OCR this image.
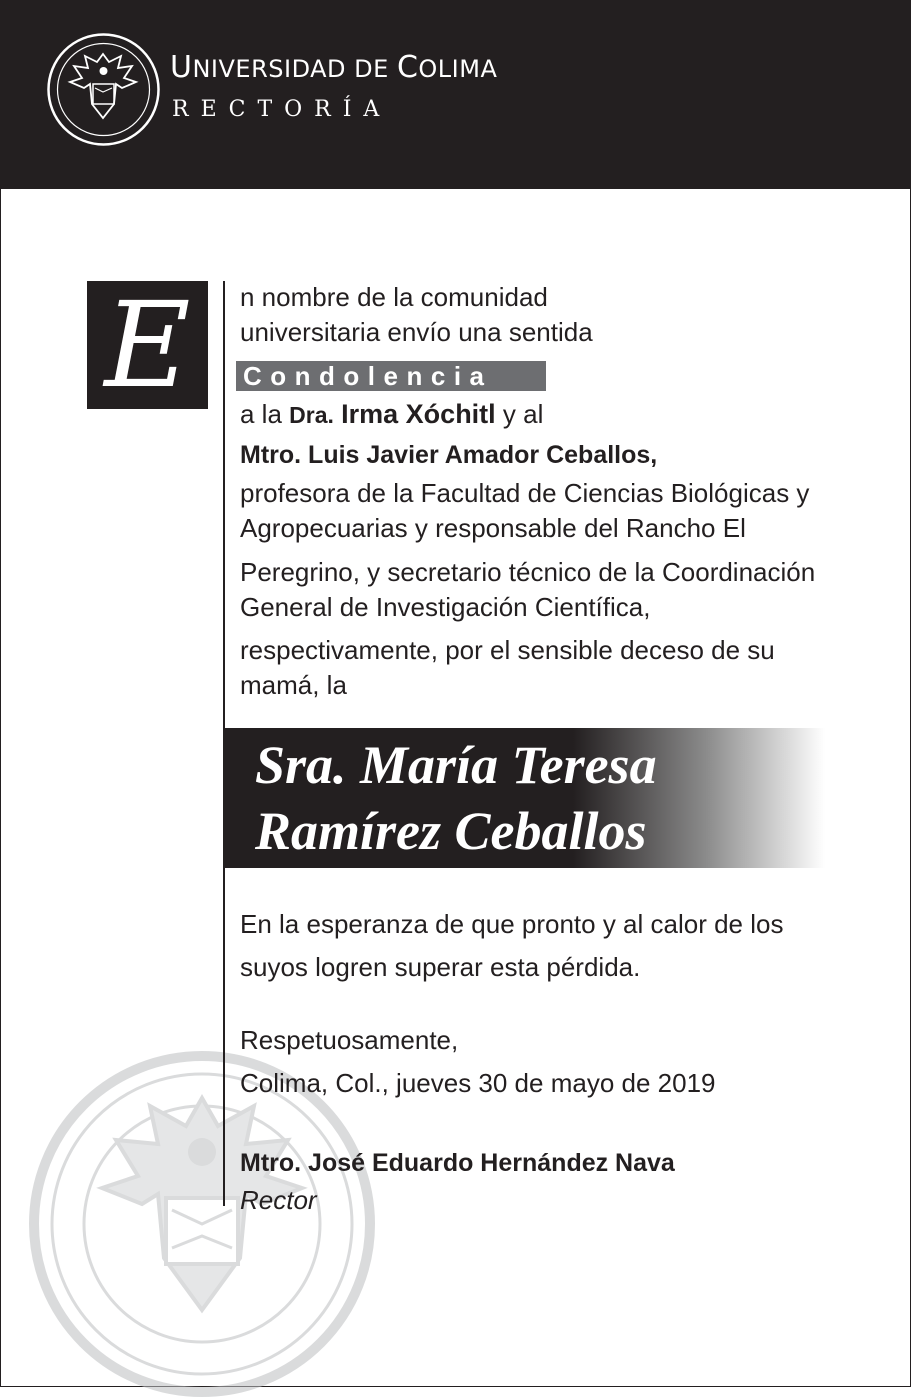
UNIVERSIDAD DE COLIMA
RECTORÍA
E	n nombre de la comunidad
universitaria envío una sentida
Condolencia
a la Dra. Irma Xóchitl y al
Mtro. Luis Javier Amador Ceballos,
profesora de la Facultad de Ciencias Biológicas y
Agropecuarias y responsable del Rancho El
Peregrino, y secretario técnico de la Coordinación
General de Investigación Científica,
respectivamente, por el sensible deceso de su
mamá, la
Sra. María Teresa
Ramírez Ceballos
En la esperanza de que pronto y al calor de los
suyos logren superar esta pérdida.
Respetuosamente,
Colima, Col., jueves 30 de mayo de 2019
Mtro. José Eduardo Hernández Nava
Rector
